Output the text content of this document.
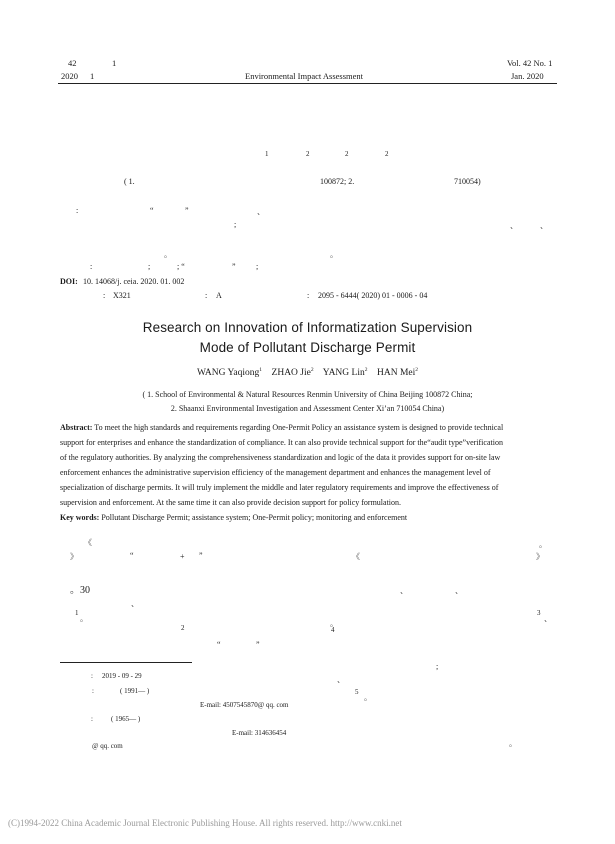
42	1
2020 1	Environmental Impact Assessment
Vol. 42 No. 1
Jan. 2020
1	2	2	2
( 1.	100872; 2.	710054)
:	“	”	、
;	、	、
。	。
:	;	; “	”	;
DOI: 10. 14068/j. ceia. 2020. 01. 002
: X321	: A	: 2095 - 6444( 2020) 01 - 0006 - 04
Research on Innovation of Informatization Supervision
Mode of Pollutant Discharge Permit
WANG Yaqiong$^1$ ZHAO Jie$^2$ YANG Lin$^2$ HAN Mei$^2$
( 1. School of Environmental & Natural Resources Renmin University of China Beijing 100872 China;
2. Shaanxi Environmental Investigation and Assessment Center Xi’an 710054 China)
Abstract: To meet the high standards and requirements regarding One-Permit Policy an assistance system is designed to provide technical
support for enterprises and enhance the standardization of compliance. It can also provide technical support for the“audit type”verification
of the regulatory authorities. By analyzing the comprehensiveness standardization and logic of the data it provides support for on-site law
enforcement enhances the administrative supervision efficiency of the management department and enhances the management level of
specialization of discharge permits. It will truly implement the middle and later regulatory requirements and improve the effectiveness of
supervision and enforcement. At the same time it can also provide decision support for policy formulation.
Key words: Pollutant Discharge Permit; assistance system; One-Permit policy; monitoring and enforcement
《	。
》	“	+ ”	《	》
。30	、	、
、
1
。
3
、
2	。
4
“	”
;
、
5
。
。
: 2019 - 09 - 29
:	( 1991— )
E-mail: 4507545870@ qq. com
:	( 1965— )
E-mail: 314636454
@ qq. com
(C)1994-2022 China Academic Journal Electronic Publishing House. All rights reserved. http://www.cnki.net
